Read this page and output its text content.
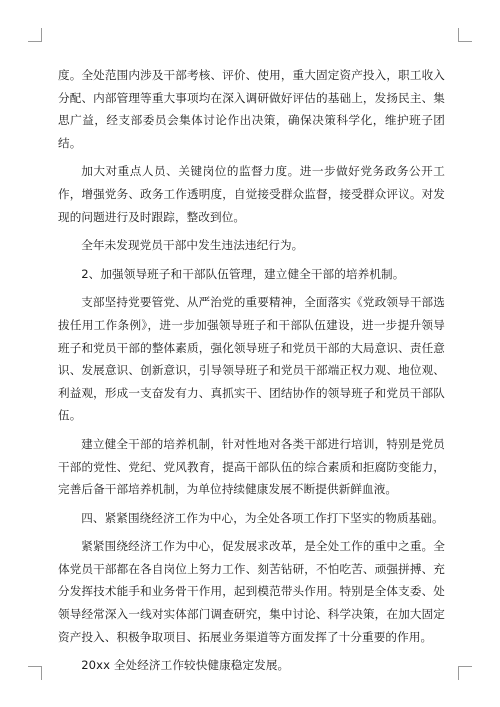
度。全处范围内涉及干部考核、评价、使用，重大固定资产投入，职工收入分配、内部管理等重大事项均在深入调研做好评估的基础上，发扬民主、集思广益，经支部委员会集体讨论作出决策，确保决策科学化，维护班子团结。

加大对重点人员、关键岗位的监督力度。进一步做好党务政务公开工作，增强党务、政务工作透明度，自觉接受群众监督，接受群众评议。对发现的问题进行及时跟踪，整改到位。

全年未发现党员干部中发生违法违纪行为。

2、加强领导班子和干部队伍管理，建立健全干部的培养机制。

支部坚持党要管党、从严治党的重要精神，全面落实《党政领导干部选拔任用工作条例》，进一步加强领导班子和干部队伍建设，进一步提升领导班子和党员干部的整体素质，强化领导班子和党员干部的大局意识、责任意识、发展意识、创新意识，引导领导班子和党员干部端正权力观、地位观、利益观，形成一支奋发有力、真抓实干、团结协作的领导班子和党员干部队伍。

建立健全干部的培养机制，针对性地对各类干部进行培训，特别是党员干部的党性、党纪、党风教育，提高干部队伍的综合素质和拒腐防变能力，完善后备干部培养机制，为单位持续健康发展不断提供新鲜血液。

四、紧紧围绕经济工作为中心，为全处各项工作打下坚实的物质基础。

紧紧围绕经济工作为中心，促发展求改革，是全处工作的重中之重。全体党员干部都在各自岗位上努力工作、刻苦钻研，不怕吃苦、顽强拼搏、充分发挥技术能手和业务骨干作用，起到模范带头作用。特别是全体支委、处领导经常深入一线对实体部门调查研究，集中讨论、科学决策，在加大固定资产投入、积极争取项目、拓展业务渠道等方面发挥了十分重要的作用。

20xx 全处经济工作较快健康稳定发展。
